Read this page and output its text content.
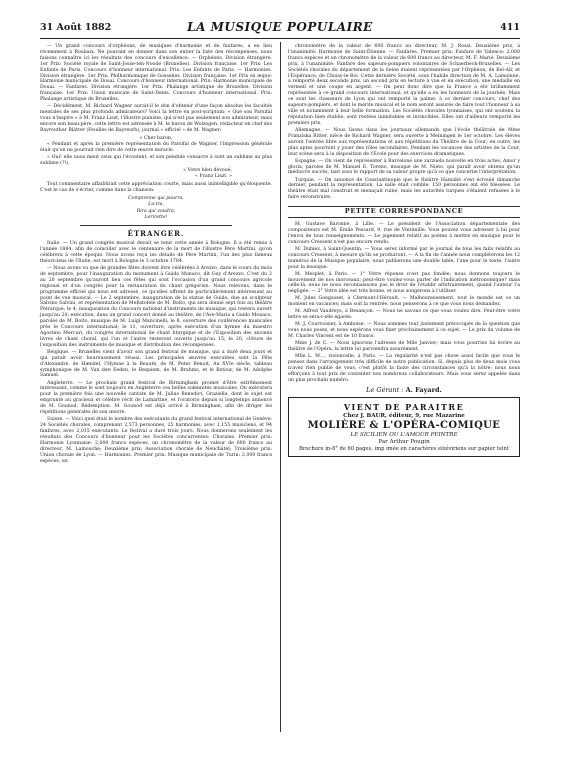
31 Août 1882	LA MUSIQUE POPULAIRE	411

— Un grand concours d'orphéons, de musiques d'harmonie et de fanfares, a eu lieu récemment à Roubaix. Ne pouvant en donner dans son entier la liste des récompenses, nous faisons connaître ici les résultats des concours d'excellence. — Orphéons. Division étrangère. 1er Prix: Société royale de Saint-Josse-ten-Noode (Bruxelles). Division française. 1er Prix: Les Enfants de Paris. Concours d'honneur international. Prix: Les Enfants de Paris. — Harmonies. Division étrangère. 1er Prix: Philharmonique de Gosselies. Division française. 1er Prix ex æquo: Harmonie municipale de Douai. Concours d'honneur international. Prix: Harmonie municipale de Douai. — Fanfares. Division étrangère. 1er Prix: Phalange artistique de Bruxelles. Division française. 1er Prix: Union musicale de Saint-Denis. Concours d'honneur international. Prix: Phalange artistique de Bruxelles.

— Décidément, M. Richard Wagner aurait-il le don d'obtenir d'une façon absolue les facultés mentales de ses plus profonds admirateurs? Voici la lettre en post-scriptum: « Que son Parsifal vous n'inspire » à M. Franz Liszt, l'illustre pianiste, qui n'est pas seulement son admirateur, mais encore son beau-père, cette lettre est adressée à M. le baron de Wolzogen, rédacteur en chef des Bayreuther Blätter (Feuilles de Bayreuth), journal « officiel » de M. Wagner:

« Cher baron,

« Pendant et après la première représentation du Parsifal de Wagner, l'impression générale était qu'on ne pourrait rien dire de cette œuvre miracle.

« Oui! elle nous meut ceux qui l'écoutent, et son pendule consacre à sont un sublime au plus sublime (?!).

« Votre bien dévoué,
« Franz Liszt. »

Tout commentaire affaiblirait cette appréciation courte, mais aussi inintelligible qu'éloquente. C'est le cas de s'écrier, comme dans la chanson:

Comprenne qui pourra,
Lu-ira,
Rira qui voudra,
Lerirette!
ÉTRANGER.

Italie. — Un grand congrès musical devait se tenir cette année à Bologne. Il a été remis à l'année 1884, afin de coïncider avec le centenaire de la mort de l'illustre Père Martini, qu'on célébrera à cette époque. Nous avons reçu les détails de Père Martini, l'un des plus fameux théoriciens de l'Italie, est mort à Bologne le 3 octobre 1784.

— Nous avons vu que de grandes fêtes doivent être célébrées à Arezzo, dans le cours du mois de septembre, pour l'inauguration du monument à Guido Monaco, dit Guy d'Arezzo. C'est du 2 au 20 septembre qu'auront lieu ces fêtes qui sont l'occasion d'un grand concours agricole régional et d'un congrès pour la restauration du chant grégorien. Nous relevons, dans le programme officiel qui nous est adressé, ce qu'elles offrent de particulièrement intéressant au point de vue musical. — Le 2 septembre, inauguration de la statue de Guido, due au sculpteur Salvino Salvini, et représentation de Mefistofele de M. Boïto, qui sera donné sept fois au théâtre Pétrarque; le 4, inauguration du Concours national d'instruments de musique, qui restera ouvert jusqu'au 20; exécution, dans un grand concert donné au théâtre, de l'Ave-Maria a Guido Monaco, paroles de M. Boito, musique de M. Luigi Mancinelli; le 8, ouverture des conférences musicales près le Concours international; le 11, ouverture, après exécution d'un hymne du maestro Agostino Mercuri, du congrès international de chant liturgique et de l'Exposition des anciens livres de chant choral, qui l'un et l'autre resteront ouverts jusqu'au 15; le 20, clôture de l'exposition des instruments de musique et distribution des récompenses.

Belgique. — Bruxelles vient d'avoir son grand festival de musique, qui a duré deux jours et qui paraît avoir heureusement réussi. Les principales œuvres exécutées sont la Fête d'Alexandre, de Hændel, l'Hymne à la Beauté, de M. Peter Benoit, Au XVIe siècle, tableau symphonique de M. Van den Eeden, le Requiem, de M. Brahms, et le Retour, de M. Adolphe Samuel.

Angleterre. — Le prochain grand festival de Birmingham promet d'être extrêmement intéressant, comme le sont toujours en Angleterre ces belles solennités musicales. On exécutera pour la première fois une nouvelle cantate de M. Julius Benedict, Graziella, dont le sujet est emprunté au gracieux et célèbre récit de Lamartine, et l'oratorio depuis si longtemps annoncé de M. Gounod, Rédemption. M. Gounod est déjà arrivé à Birmingham, afin de diriger les répétitions générales de son œuvre.

Suisse. — Voici quel était le nombre des exécutants du grand festival international de Genève: 24 Sociétés chorales, comprenant 2,573 personnes, 25 harmonies, avec 1,155 musiciens, et 94 fanfares, avec 2,015 exécutants. Le festival a duré trois jours. Nous donnerons seulement les résultats des Concours d'honneur pour les Sociétés concurrentes: Chorales. Premier prix: Harmonie Lyonnaise: 2,000 francs espèces, un chronomètre de la valeur de 600 francs au directeur, M. Lamouche; Deuxième prix: Association chorale de Neuchâtel; Troisième prix: Union chorale de Lyon. — Harmonies. Premier prix: Musique municipale de Turin: 2,000 francs espèces, un

chronomètre de la valeur de 600 francs au directeur, M. J. Rossi, Deuxième prix, à l'unanimité: Harmonie de Saint-Étienne. — Fanfares. Premier prix: Fanfare de Valence: 2,000 francs espèces et un chronomètre de la valeur de 600 francs au directeur, M. F. Marié. Deuxième prix, à l'unanimité: Fanfare des sapeurs-pompiers volontaires de Schaerbeck-Bruxelles. — Les Sociétés chorales du département de la Seine étaient représentées par l'Orphéon, de Bel-Air, et l'Espérance, de Choisy-le-Roi. Cette dernière Société, sous l'habile direction de M. A. Lamoinne, a remporté deux seconds prix, un second prix en lecture à vue et en exécution; une médaille en vermeil et une coupe en argent. — On peut donc dire que la France a été brillamment représentée à ce grand concours international, et qu'elle a eu les honneurs de la journée. Mais ce sont les chasseurs de Lyon qui ont remporté la palme: à ce dernier concours, chef des sapeurs-pompiers, et dont le mérite musical et le nom seront assurés de faire tout l'honneur à sa ville et notamment à leur belle formation. Les Sociétés chorales lyonnaises, qui ont soutenu la réputation bien établie, sont restées inimitables et invincibles. Elles ont d'ailleurs remporté les premiers prix.

Allemagne. — Nous lisons dans les journaux allemands que l'école théâtrale de Mme Franziska Ritter, nièce de Richard Wagner, sera ouverte à Meiningen le 1er octobre. Les élèves auront l'entrée libre aux représentations et aux répétitions du Théâtre de la Cour; en outre, les plus aptes pourront y jouer des rôles secondaires. Pendant les vacances des artistes de la Cour, leur scène sera à la disposition de l'École pour des exercices dramatiques.

Espagne. — On vient de représenter à Barcelone une zarzuela nouvelle en trois actes, Amor y gloria, paroles de M. Manuel E. Toreno, musique de M. Nieto, qui paraît avoir obtenu qu'un médiocre succès, tant sous le rapport de sa valeur propre qu'à ce que concerne l'interprétation.

Turquie. — On annonce de Constantinople que le théâtre Hamidié s'est écroulé dimanche dernier, pendant la représentation. La salle était comble. 150 personnes ont été blessées. Le théâtre était mal construit et menaçait ruine, mais les autorités turques s'étaient refusées à le faire reconstruire.

PETITE CORRESPONDANCE

M. Gustave Baronne, à Lille. — Le président de l'Association départementale des compositeurs est M. Émile Pessard, 9, rue de Vintimille. Vous pouvez vous adresser à lui pour l'envoi de tous renseignements. — Le jugement relatif au poème à mettre en musique pour le concours Cressent n'est pas encore rendu.

M. Dubiez, à Saint-Quentin. — Vous serez informé par le journal de tous les faits relatifs au concours Cressent, à mesure qu'ils se produiront. — A la fin de l'année nous compléterons les 12 numéros de la Musique populaire, nous publierons une double table, l'une pour le texte, l'autre pour la musique.

M. Mesplet, à Paris. — 1° Votre réponse n'est pas fondée; nous donnons toujours le mouvement de nos morceaux; peut-être voulez-vous parler de l'indication métronomique? mais celle-là, nous ne nous reconnaissons pas le droit de l'établir arbitrairement, quand l'auteur l'a négligée. — 2° Votre idée est très bonne, et nous songerons à l'utiliser.

M. Jules Goegasset, à Clermont-l'Hérault. — Malheureusement, tout le monde est ce un moment en vacances; mais soit la rentrée, nous penserons à ce que vous nous demandez.

M. Alfred Vaudreys, à Besançon. — Nous ne savons ce que vous voulez dire. Peut-être votre lettre se sera-t-elle égarée.

M. J. Courvoisier, à Amboise. — Nous sommes tout justement préoccupés de la question que vous nous posez, et nous espérons vous fixer prochainement à ce sujet. — Le prix du volume de M. Charles Vincent est de 10 francs.

Mme J. de C. — Nous ignorons l'adresse de Mlle Janvier; mais vous pourriez lui écrire au théâtre de l'Opéra, la lettre lui parviendra assurément.

Mlle L. M..., violoncelle, à Paris. — La régularité n'est pas chose aussi facile que vous le pensez dans l'arrangement très difficile de notre publication. Si, depuis plus de deux mois vous n'avez rien publié de vous, c'est plutôt la faute des circonstances qu'à la nôtre; nous nous efforçons à tout prix de contenter nos nombreux collaborateurs. Mais vous serez appelée dans un plus prochain numéro.

Le Gérant : A. Fayard.
VIENT DE PARAITRE
Chez J. BAUR, éditeur, 9, rue Mazarine
MOLIÈRE & L'OPÉRA-COMIQUE
LE SICILIEN OU L'AMOUR PEINTRE
Par Arthur Pougin
Brochure in-8° de 60 pages, imp imée en caractères elzéviriens sur papier teint
